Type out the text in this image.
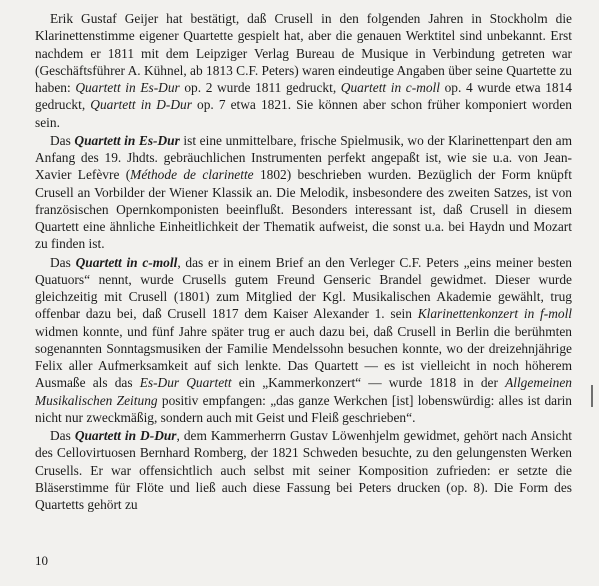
Erik Gustaf Geijer hat bestätigt, daß Crusell in den folgenden Jahren in Stockholm die Klarinettenstimme eigener Quartette gespielt hat, aber die genauen Werktitel sind unbekannt. Erst nachdem er 1811 mit dem Leipziger Verlag Bureau de Musique in Verbindung getreten war (Geschäftsführer A. Kühnel, ab 1813 C.F. Peters) waren eindeutige Angaben über seine Quartette zu haben: Quartett in Es-Dur op. 2 wurde 1811 gedruckt, Quartett in c-moll op. 4 wurde etwa 1814 gedruckt, Quartett in D-Dur op. 7 etwa 1821. Sie können aber schon früher komponiert worden sein.

Das Quartett in Es-Dur ist eine unmittelbare, frische Spielmusik, wo der Klarinettenpart den am Anfang des 19. Jhdts. gebräuchlichen Instrumenten perfekt angepaßt ist, wie sie u.a. von Jean-Xavier Lefèvre (Méthode de clarinette 1802) beschrieben wurden. Bezüglich der Form knüpft Crusell an Vorbilder der Wiener Klassik an. Die Melodik, insbesondere des zweiten Satzes, ist von französischen Opernkomponisten beeinflußt. Besonders interessant ist, daß Crusell in diesem Quartett eine ähnliche Einheitlichkeit der Thematik aufweist, die sonst u.a. bei Haydn und Mozart zu finden ist.

Das Quartett in c-moll, das er in einem Brief an den Verleger C.F. Peters „eins meiner besten Quatuors“ nennt, wurde Crusells gutem Freund Genseric Brandel gewidmet. Dieser wurde gleichzeitig mit Crusell (1801) zum Mitglied der Kgl. Musikalischen Akademie gewählt, trug offenbar dazu bei, daß Crusell 1817 dem Kaiser Alexander 1. sein Klarinettenkonzert in f-moll widmen konnte, und fünf Jahre später trug er auch dazu bei, daß Crusell in Berlin die berühmten sogenannten Sonntagsmusiken der Familie Mendelssohn besuchen konnte, wo der dreizehnjährige Felix aller Aufmerksamkeit auf sich lenkte. Das Quartett — es ist vielleicht in noch höherem Ausmaße als das Es-Dur Quartett ein „Kammerkonzert“ — wurde 1818 in der Allgemeinen Musikalischen Zeitung positiv empfangen: „das ganze Werkchen [ist] lobenswürdig: alles ist darin nicht nur zweckmäßig, sondern auch mit Geist und Fleiß geschrieben“.

Das Quartett in D-Dur, dem Kammerherrn Gustav Löwenhjelm gewidmet, gehört nach Ansicht des Cellovirtuosen Bernhard Romberg, der 1821 Schweden besuchte, zu den gelungensten Werken Crusells. Er war offensichtlich auch selbst mit seiner Komposition zufrieden: er setzte die Bläserstimme für Flöte und ließ auch diese Fassung bei Peters drucken (op. 8). Die Form des Quartetts gehört zu

10
